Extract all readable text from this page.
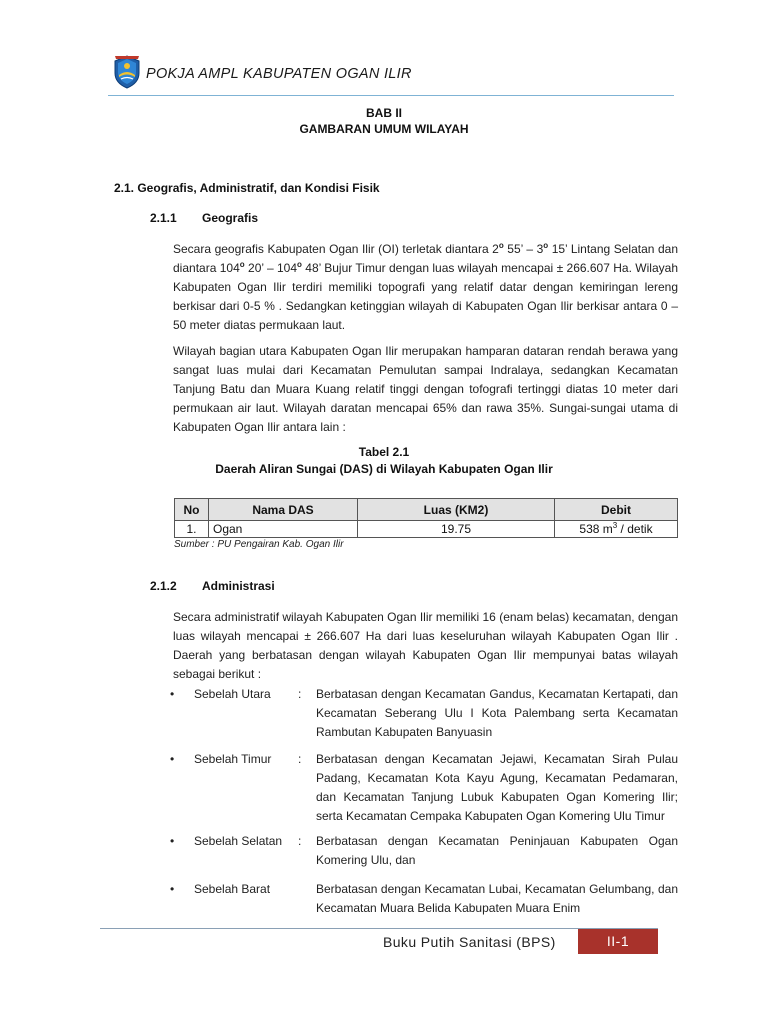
POKJA AMPL KABUPATEN OGAN ILIR
BAB II
GAMBARAN UMUM WILAYAH
2.1. Geografis, Administratif, dan Kondisi Fisik
2.1.1 Geografis
Secara geografis Kabupaten Ogan Ilir (OI) terletak diantara 2$^o$ 55’ – 3$^o$ 15’ Lintang Selatan dan diantara 104$^o$ 20’ – 104$^o$ 48’ Bujur Timur dengan luas wilayah mencapai ± 266.607 Ha. Wilayah Kabupaten Ogan Ilir terdiri memiliki topografi yang relatif datar dengan kemiringan lereng berkisar dari 0-5 % . Sedangkan ketinggian wilayah di Kabupaten Ogan Ilir berkisar antara 0 – 50 meter diatas permukaan laut.
Wilayah bagian utara Kabupaten Ogan Ilir merupakan hamparan dataran rendah berawa yang sangat luas mulai dari Kecamatan Pemulutan sampai Indralaya, sedangkan Kecamatan Tanjung Batu dan Muara Kuang relatif tinggi dengan tofografi tertinggi diatas 10 meter dari permukaan air laut. Wilayah daratan mencapai 65% dan rawa 35%. Sungai-sungai utama di Kabupaten Ogan Ilir antara lain :
Tabel 2.1
Daerah Aliran Sungai (DAS) di Wilayah Kabupaten Ogan Ilir
No	Nama DAS	Luas (KM2)	Debit
1.	Ogan	19.75	538 $m^3$ / detik
Sumber : PU Pengairan Kab. Ogan Ilir
2.1.2 Administrasi
Secara administratif wilayah Kabupaten Ogan Ilir memiliki 16 (enam belas) kecamatan, dengan luas wilayah mencapai ± 266.607 Ha dari luas keseluruhan wilayah Kabupaten Ogan Ilir . Daerah yang berbatasan dengan wilayah Kabupaten Ogan Ilir mempunyai batas wilayah sebagai berikut :
•	Sebelah Utara : Berbatasan dengan Kecamatan Gandus, Kecamatan Kertapati, dan Kecamatan Seberang Ulu I Kota Palembang serta Kecamatan Rambutan Kabupaten Banyuasin
•	Sebelah Timur : Berbatasan dengan Kecamatan Jejawi, Kecamatan Sirah Pulau Padang, Kecamatan Kota Kayu Agung, Kecamatan Pedamaran, dan Kecamatan Tanjung Lubuk Kabupaten Ogan Komering Ilir; serta Kecamatan Cempaka Kabupaten Ogan Komering Ulu Timur
•	Sebelah Selatan : Berbatasan dengan Kecamatan Peninjauan Kabupaten Ogan Komering Ulu, dan
•	Sebelah Barat	Berbatasan dengan Kecamatan Lubai, Kecamatan Gelumbang, dan Kecamatan Muara Belida Kabupaten Muara Enim
Buku Putih Sanitasi (BPS)	II-1
